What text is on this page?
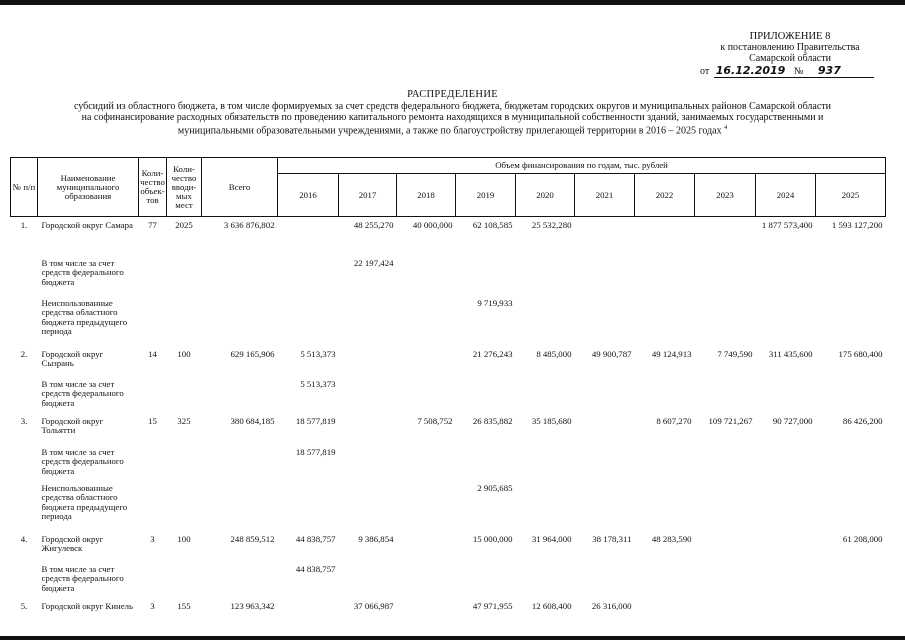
ПРИЛОЖЕНИЕ 8
к постановлению Правительства
Самарской области
от 16.12.2019 № 937
РАСПРЕДЕЛЕНИЕ
субсидий из областного бюджета, в том числе формируемых за счет средств федерального бюджета, бюджетам городских округов и муниципальных районов Самарской области
на софинансирование расходных обязательств по проведению капитального ремонта находящихся в муниципальной собственности зданий, занимаемых государственными и
муниципальными образовательными учреждениями, а также по благоустройству прилегающей территории в 2016 – 2025 годах $^4$
№ п/п	Наименование муниципального образования	Коли-чество объек-тов	Коли-чество вводи-мых мест	Всего	Объем финансирования по годам, тыс. рублей									
					2016	2017	2018	2019	2020	2021	2022	2023	2024	2025
1.	Городской округ Самара	77	2025	3 636 876,802		48 255,270	40 000,000	62 108,585	25 532,280				1 877 573,400	1 593 127,200
	В том числе за счет средств федерального бюджета					22 197,424								
	Неиспользованные средства областного бюджета предыдущего периода							9 719,933						
2.	Городской округ Сызрань	14	100	629 165,906	5 513,373			21 276,243	8 485,000	49 900,787	49 124,913	7 749,590	311 435,600	175 680,400
	В том числе за счет средств федерального бюджета				5 513,373									
3.	Городской округ Тольятти	15	325	380 684,185	18 577,819		7 508,752	26 835,882	35 185,680		8 607,270	109 721,267	90 727,000	86 426,200
	В том числе за счет средств федерального бюджета				18 577,819									
	Неиспользованные средства областного бюджета предыдущего периода							2 905,685						
4.	Городской округ Жигулевск	3	100	248 859,512	44 838,757	9 386,854		15 000,000	31 964,000	38 178,311	48 283,590			61 208,000
	В том числе за счет средств федерального бюджета				44 838,757									
5.	Городской округ Кинель	3	155	123 963,342		37 066,987		47 971,955	12 608,400	26 316,000				
